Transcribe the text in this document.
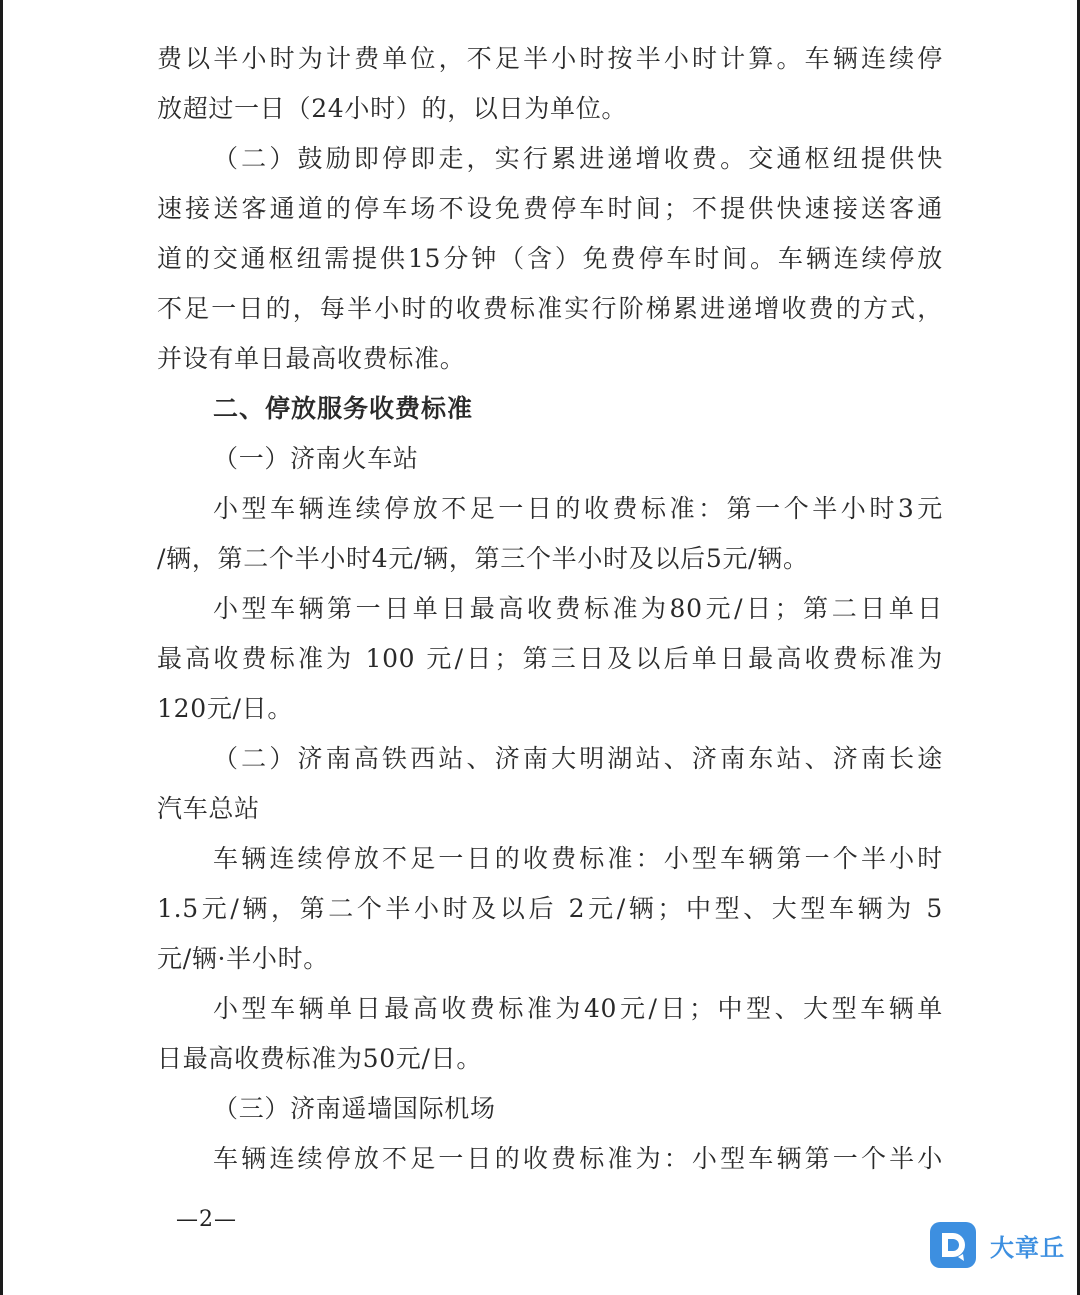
费以半小时为计费单位，不足半小时按半小时计算。车辆连续停
放超过一日（24小时）的，以日为单位。
（二）鼓励即停即走，实行累进递增收费。交通枢纽提供快
速接送客通道的停车场不设免费停车时间；不提供快速接送客通
道的交通枢纽需提供15分钟（含）免费停车时间。车辆连续停放
不足一日的，每半小时的收费标准实行阶梯累进递增收费的方式，
并设有单日最高收费标准。
二、停放服务收费标准
（一）济南火车站
小型车辆连续停放不足一日的收费标准：第一个半小时3元
/辆，第二个半小时4元/辆，第三个半小时及以后5元/辆。
小型车辆第一日单日最高收费标准为80元/日；第二日单日
最高收费标准为 100 元/日；第三日及以后单日最高收费标准为
120元/日。
（二）济南高铁西站、济南大明湖站、济南东站、济南长途
汽车总站
车辆连续停放不足一日的收费标准：小型车辆第一个半小时
1.5元/辆，第二个半小时及以后 2元/辆；中型、大型车辆为 5
元/辆·半小时。
小型车辆单日最高收费标准为40元/日；中型、大型车辆单
日最高收费标准为50元/日。
（三）济南遥墙国际机场
车辆连续停放不足一日的收费标准为：小型车辆第一个半小
—2—
大章丘
